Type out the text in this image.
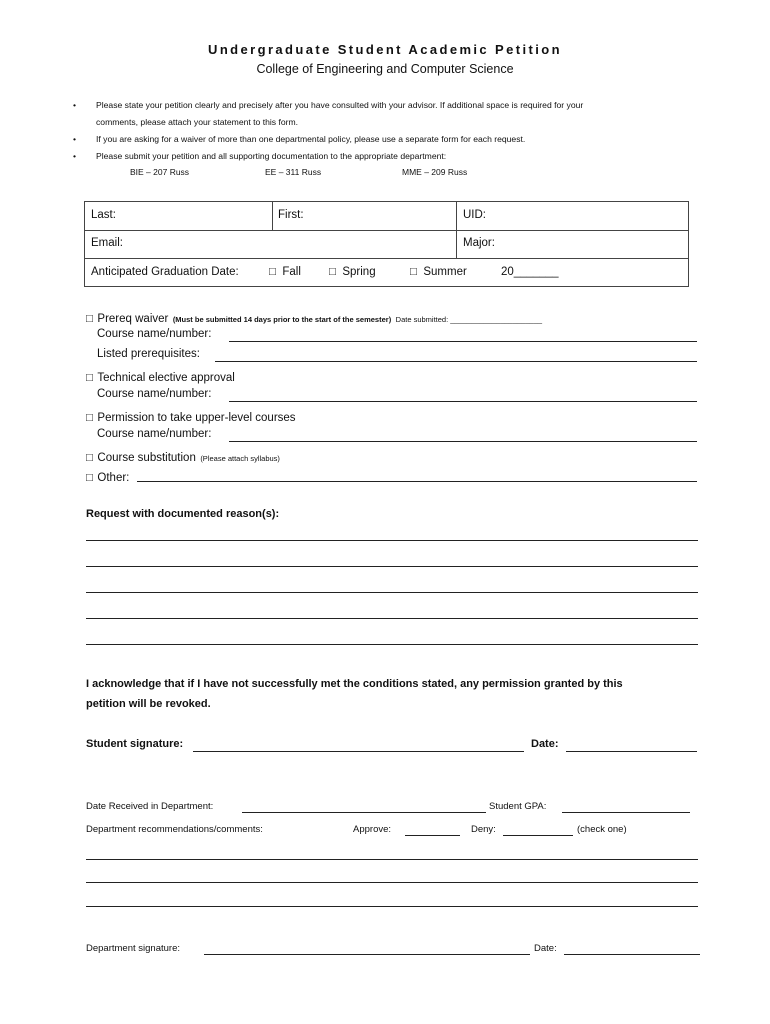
Undergraduate Student Academic Petition
College of Engineering and Computer Science
• Please state your petition clearly and precisely after you have consulted with your advisor. If additional space is required for your
comments, please attach your statement to this form.
• If you are asking for a waiver of more than one departmental policy, please use a separate form for each request.
• Please submit your petition and all supporting documentation to the appropriate department:
BIE – 207 Russ	EE – 311 Russ	MME – 209 Russ
Last:	First:	UID:
Email:	Major:
Anticipated Graduation Date:	□ Fall □ Spring	□ Summer	20_______
□ Prereq waiver (Must be submitted 14 days prior to the start of the semester) Date submitted: ______________________
Course name/number:
Listed prerequisites:
□ Technical elective approval
Course name/number:
□ Permission to take upper-level courses
Course name/number:
□ Course substitution (Please attach syllabus)
□ Other:
Request with documented reason(s):
I acknowledge that if I have not successfully met the conditions stated, any permission granted by this
petition will be revoked.
Student signature:	Date:
Date Received in Department:	Student GPA:
Department recommendations/comments:	Approve:	Deny:	(check one)
Department signature:	Date:
